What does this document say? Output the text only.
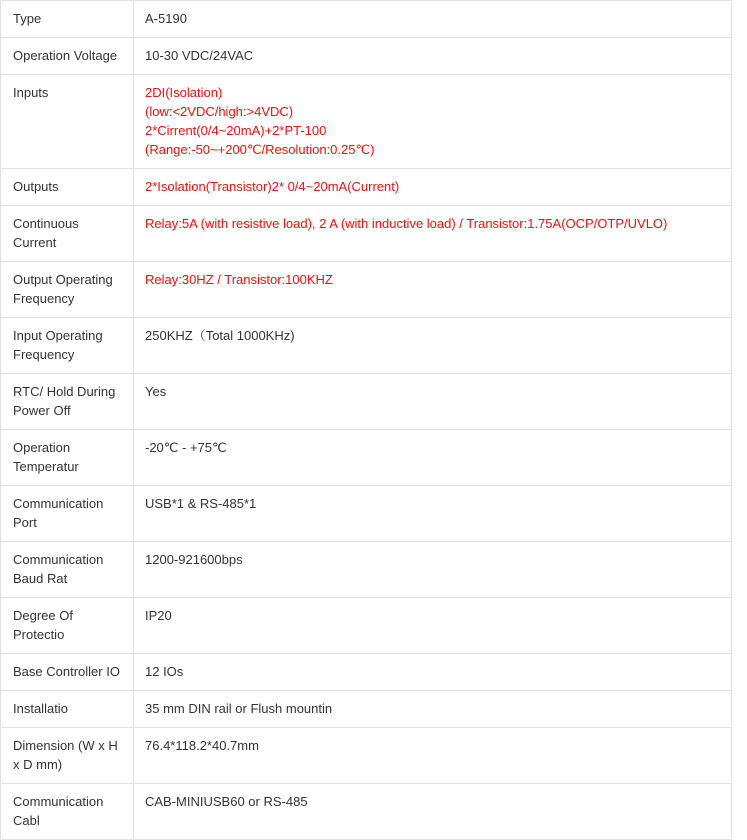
Type	A-5190

Operation Voltage	10-30 VDC/24VAC

Inputs	2DI(Isolation)
(low:<2VDC/high:>4VDC)
2*Cirrent(0/4~20mA)+2*PT-100
(Range:-50~+200℃/Resolution:0.25℃)

Outputs	2*Isolation(Transistor)2* 0/4~20mA(Current)

Continuous Current	Relay:5A (with resistive load), 2 A (with inductive load) / Transistor:1.75A(OCP/OTP/UVLO)

Output Operating Frequency	Relay:30HZ / Transistor:100KHZ

Input Operating Frequency	250KHZ（Total 1000KHz)

RTC/ Hold During Power Off	Yes

Operation Temperatur	-20℃ - +75℃

Communication Port	USB*1 & RS-485*1

Communication Baud Rat	1200-921600bps

Degree Of Protectio	IP20

Base Controller IO	12 IOs

Installatio	35 mm DIN rail or Flush mountin

Dimension (W x H x D mm)	76.4*118.2*40.7mm

Communication Cabl	CAB-MINIUSB60 or RS-485
